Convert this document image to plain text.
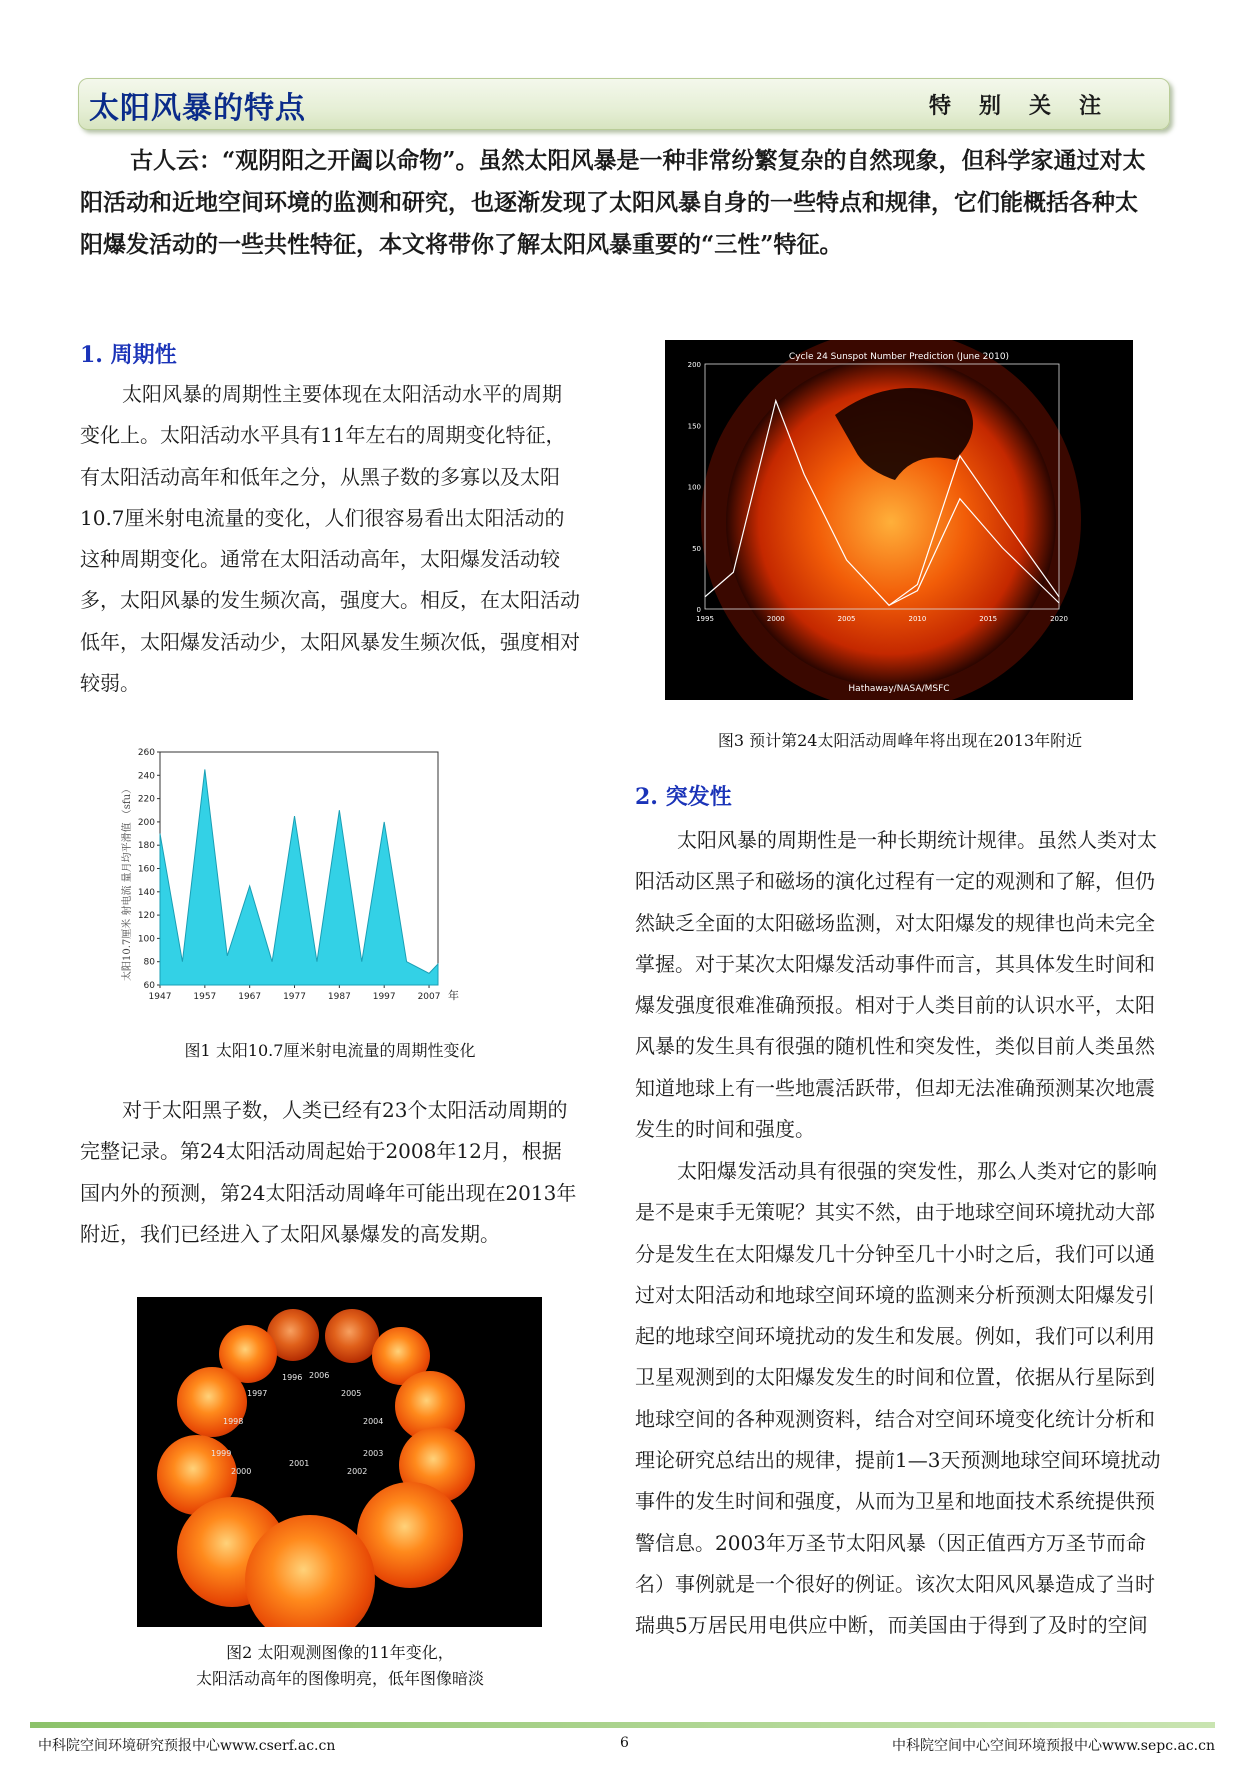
太阳风暴的特点	特别关注

古人云：“观阴阳之开阖以命物”。虽然太阳风暴是一种非常纷繁复杂的自然现象，但科学家通过对太阳活动和近地空间环境的监测和研究，也逐渐发现了太阳风暴自身的一些特点和规律，它们能概括各种太阳爆发活动的一些共性特征，本文将带你了解太阳风暴重要的“三性”特征。

1. 周期性

太阳风暴的周期性主要体现在太阳活动水平的周期变化上。太阳活动水平具有11年左右的周期变化特征，有太阳活动高年和低年之分，从黑子数的多寡以及太阳10.7厘米射电流量的变化，人们很容易看出太阳活动的这种周期变化。通常在太阳活动高年，太阳爆发活动较多，太阳风暴的发生频次高，强度大。相反，在太阳活动低年，太阳爆发活动少，太阳风暴发生频次低，强度相对较弱。

60
80
100
120
140
160
180
200
220
240
260
1947 1957 1967 1977 1987 1997 2007 年
太阳10.7厘米 射电流 量月均平滑值 （sfu）
图1 太阳10.7厘米射电流量的周期性变化

对于太阳黑子数，人类已经有23个太阳活动周期的完整记录。第24太阳活动周起始于2008年12月，根据国内外的预测，第24太阳活动周峰年可能出现在2013年附近，我们已经进入了太阳风暴爆发的高发期。

1996
1997
1998
1999
2000
2001
2002
2003
2004
2005
2006
图2 太阳观测图像的11年变化，
太阳活动高年的图像明亮，低年图像暗淡
Cycle 24 Sunspot Number Prediction (June 2010)
Hathaway/NASA/MSFC
0
50
100
150
200
1995	2000	2005	2010	2015	2020
图3 预计第24太阳活动周峰年将出现在2013年附近
2. 突发性

太阳风暴的周期性是一种长期统计规律。虽然人类对太阳活动区黑子和磁场的演化过程有一定的观测和了解，但仍然缺乏全面的太阳磁场监测，对太阳爆发的规律也尚未完全掌握。对于某次太阳爆发活动事件而言，其具体发生时间和爆发强度很难准确预报。相对于人类目前的认识水平，太阳风暴的发生具有很强的随机性和突发性，类似目前人类虽然知道地球上有一些地震活跃带，但却无法准确预测某次地震发生的时间和强度。

太阳爆发活动具有很强的突发性，那么人类对它的影响是不是束手无策呢？其实不然，由于地球空间环境扰动大部分是发生在太阳爆发几十分钟至几十小时之后，我们可以通过对太阳活动和地球空间环境的监测来分析预测太阳爆发引起的地球空间环境扰动的发生和发展。例如，我们可以利用卫星观测到的太阳爆发发生的时间和位置，依据从行星际到地球空间的各种观测资料，结合对空间环境变化统计分析和理论研究总结出的规律，提前1—3天预测地球空间环境扰动事件的发生时间和强度，从而为卫星和地面技术系统提供预警信息。2003年万圣节太阳风暴（因正值西方万圣节而命名）事例就是一个很好的例证。该次太阳风风暴造成了当时瑞典5万居民用电供应中断，而美国由于得到了及时的空间

中科院空间环境研究预报中心www.cserf.ac.cn	6	中科院空间中心空间环境预报中心www.sepc.ac.cn
